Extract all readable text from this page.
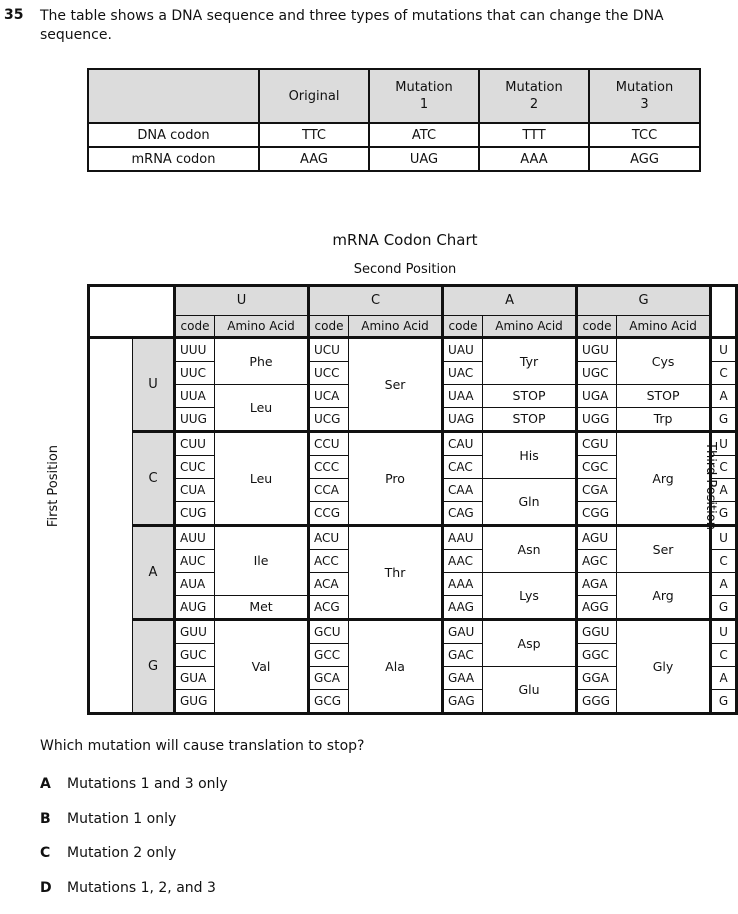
35 The table shows a DNA sequence and three types of mutations that can change the DNA sequence.
	Original	Mutation 1	Mutation 2	Mutation 3
DNA codon	TTC	ATC	TTT	TCC
mRNA codon	AAG	UAG	AAA	AGG
mRNA Codon Chart
Second Position
First Position	Third Position
		U		C		A		G		
		code	Amino Acid	code	Amino Acid	code	Amino Acid	code	Amino Acid	
	U	UUU	Phe	UCU	Ser	UAU	Tyr	UGU	Cys	U
		UUC		UCC		UAC		UGC		C
		UUA	Leu	UCA		UAA	STOP	UGA	STOP	A
		UUG		UCG		UAG	STOP	UGG	Trp	G
	C	CUU	Leu	CCU	Pro	CAU	His	CGU	Arg	U
		CUC		CCC		CAC		CGC		C
		CUA		CCA		CAA	Gln	CGA		A
		CUG		CCG		CAG		CGG		G
	A	AUU	Ile	ACU	Thr	AAU	Asn	AGU	Ser	U
		AUC		ACC		AAC		AGC		C
		AUA		ACA		AAA	Lys	AGA	Arg	A
		AUG	Met	ACG		AAG		AGG		G
	G	GUU	Val	GCU	Ala	GAU	Asp	GGU	Gly	U
		GUC		GCC		GAC		GGC		C
		GUA		GCA		GAA	Glu	GGA		A
		GUG		GCG		GAG		GGG		G
Which mutation will cause translation to stop?
A	Mutations 1 and 3 only
B	Mutation 1 only
C	Mutation 2 only
D	Mutations 1, 2, and 3
